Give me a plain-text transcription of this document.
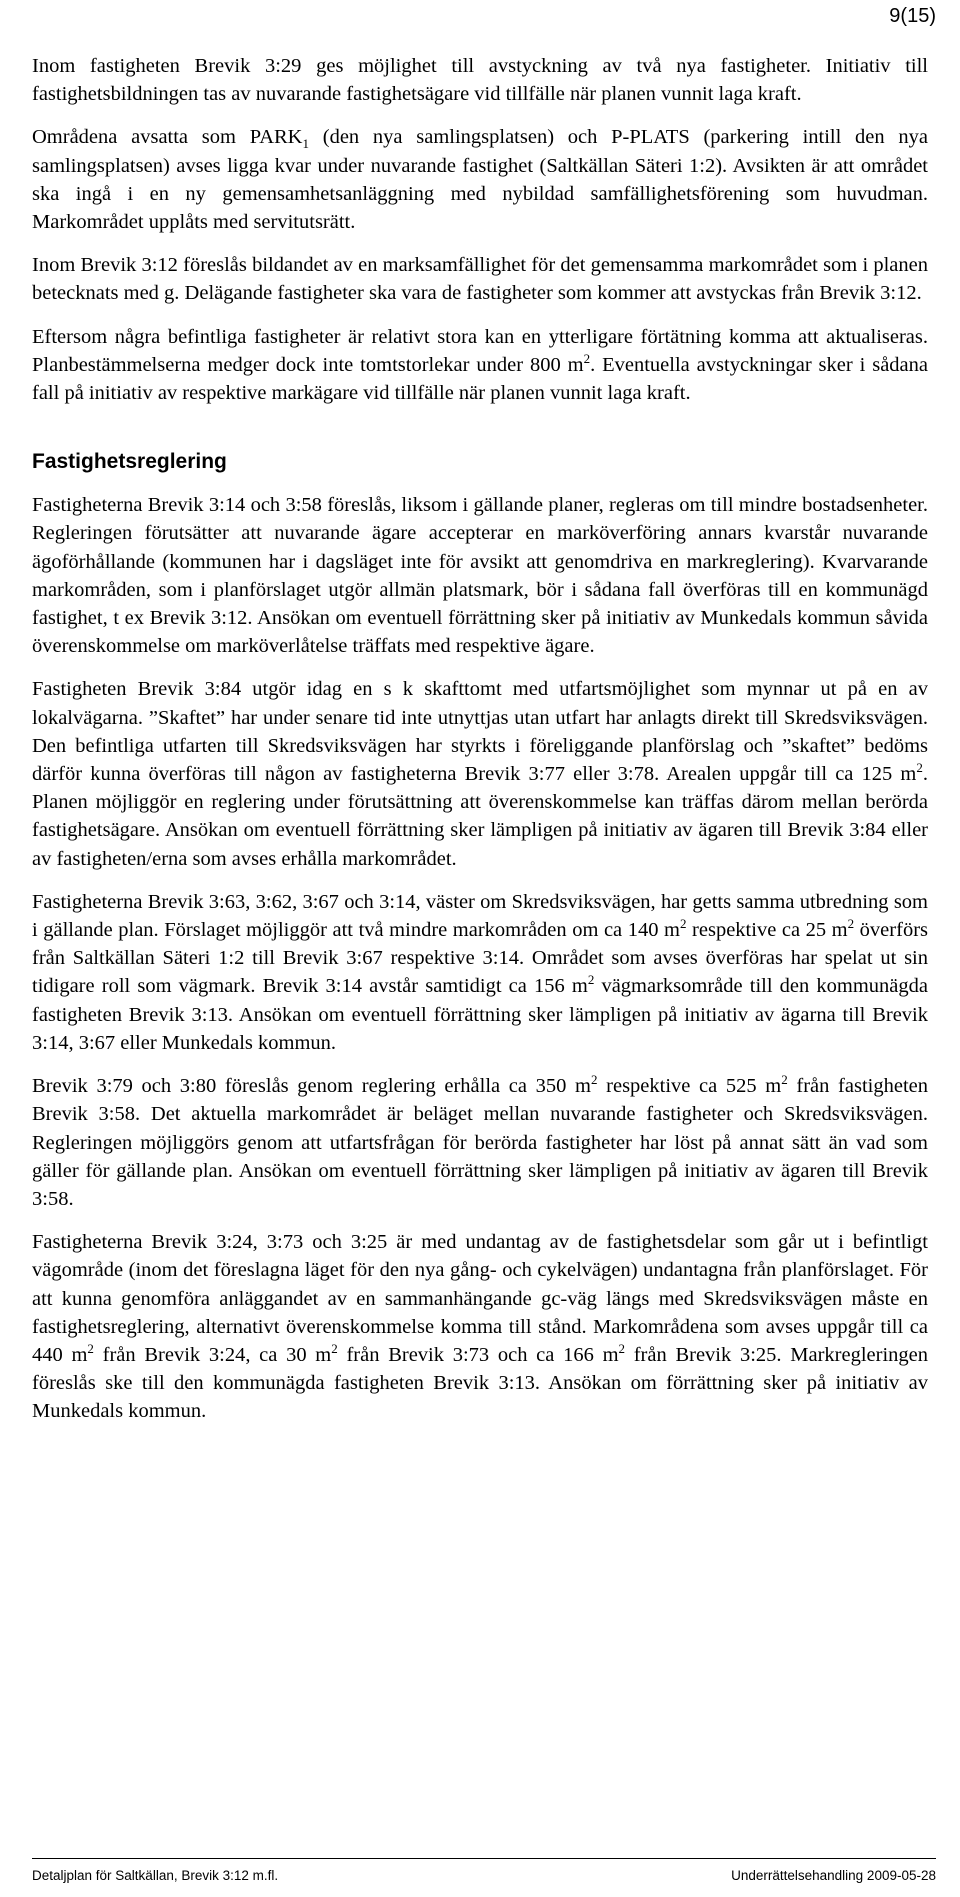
9(15)

Inom fastigheten Brevik 3:29 ges möjlighet till avstyckning av två nya fastigheter. Initiativ till fastighetsbildningen tas av nuvarande fastighetsägare vid tillfälle när planen vunnit laga kraft.

Områdena avsatta som $PARK_1$ (den nya samlingsplatsen) och P-PLATS (parkering intill den nya samlingsplatsen) avses ligga kvar under nuvarande fastighet (Saltkällan Säteri 1:2). Avsikten är att området ska ingå i en ny gemensamhetsanläggning med nybildad samfällighetsförening som huvudman. Markområdet upplåts med servitutsrätt.

Inom Brevik 3:12 föreslås bildandet av en marksamfällighet för det gemensamma markområdet som i planen betecknats med g. Delägande fastigheter ska vara de fastigheter som kommer att avstyckas från Brevik 3:12.

Eftersom några befintliga fastigheter är relativt stora kan en ytterligare förtätning komma att aktualiseras. Planbestämmelserna medger dock inte tomtstorlekar under 800 $m^2$. Eventuella avstyckningar sker i sådana fall på initiativ av respektive markägare vid tillfälle när planen vunnit laga kraft.

Fastighetsreglering

Fastigheterna Brevik 3:14 och 3:58 föreslås, liksom i gällande planer, regleras om till mindre bostadsenheter. Regleringen förutsätter att nuvarande ägare accepterar en marköverföring annars kvarstår nuvarande ägoförhållande (kommunen har i dagsläget inte för avsikt att genomdriva en markreglering). Kvarvarande markområden, som i planförslaget utgör allmän platsmark, bör i sådana fall överföras till en kommunägd fastighet, t ex Brevik 3:12. Ansökan om eventuell förrättning sker på initiativ av Munkedals kommun såvida överenskommelse om marköverlåtelse träffats med respektive ägare.

Fastigheten Brevik 3:84 utgör idag en s k skafttomt med utfartsmöjlighet som mynnar ut på en av lokalvägarna. ”Skaftet” har under senare tid inte utnyttjas utan utfart har anlagts direkt till Skredsviksvägen. Den befintliga utfarten till Skredsviksvägen har styrkts i föreliggande planförslag och ”skaftet” bedöms därför kunna överföras till någon av fastigheterna Brevik 3:77 eller 3:78. Arealen uppgår till ca 125 $m^2$. Planen möjliggör en reglering under förutsättning att överenskommelse kan träffas därom mellan berörda fastighetsägare. Ansökan om eventuell förrättning sker lämpligen på initiativ av ägaren till Brevik 3:84 eller av fastigheten/erna som avses erhålla markområdet.

Fastigheterna Brevik 3:63, 3:62, 3:67 och 3:14, väster om Skredsviksvägen, har getts samma utbredning som i gällande plan. Förslaget möjliggör att två mindre markområden om ca 140 $m^2$ respektive ca 25 $m^2$ överförs från Saltkällan Säteri 1:2 till Brevik 3:67 respektive 3:14. Området som avses överföras har spelat ut sin tidigare roll som vägmark. Brevik 3:14 avstår samtidigt ca 156 $m^2$ vägmarksområde till den kommunägda fastigheten Brevik 3:13. Ansökan om eventuell förrättning sker lämpligen på initiativ av ägarna till Brevik 3:14, 3:67 eller Munkedals kommun.

Brevik 3:79 och 3:80 föreslås genom reglering erhålla ca 350 $m^2$ respektive ca 525 $m^2$ från fastigheten Brevik 3:58. Det aktuella markområdet är beläget mellan nuvarande fastigheter och Skredsviksvägen. Regleringen möjliggörs genom att utfartsfrågan för berörda fastigheter har löst på annat sätt än vad som gäller för gällande plan. Ansökan om eventuell förrättning sker lämpligen på initiativ av ägaren till Brevik 3:58.

Fastigheterna Brevik 3:24, 3:73 och 3:25 är med undantag av de fastighetsdelar som går ut i befintligt vägområde (inom det föreslagna läget för den nya gång- och cykelvägen) undantagna från planförslaget. För att kunna genomföra anläggandet av en sammanhängande gc-väg längs med Skredsviksvägen måste en fastighetsreglering, alternativt överenskommelse komma till stånd. Markområdena som avses uppgår till ca 440 $m^2$ från Brevik 3:24, ca 30 $m^2$ från Brevik 3:73 och ca 166 $m^2$ från Brevik 3:25. Markregleringen föreslås ske till den kommunägda fastigheten Brevik 3:13. Ansökan om förrättning sker på initiativ av Munkedals kommun.

Detaljplan för Saltkällan, Brevik 3:12 m.fl.	Underrättelsehandling 2009-05-28
